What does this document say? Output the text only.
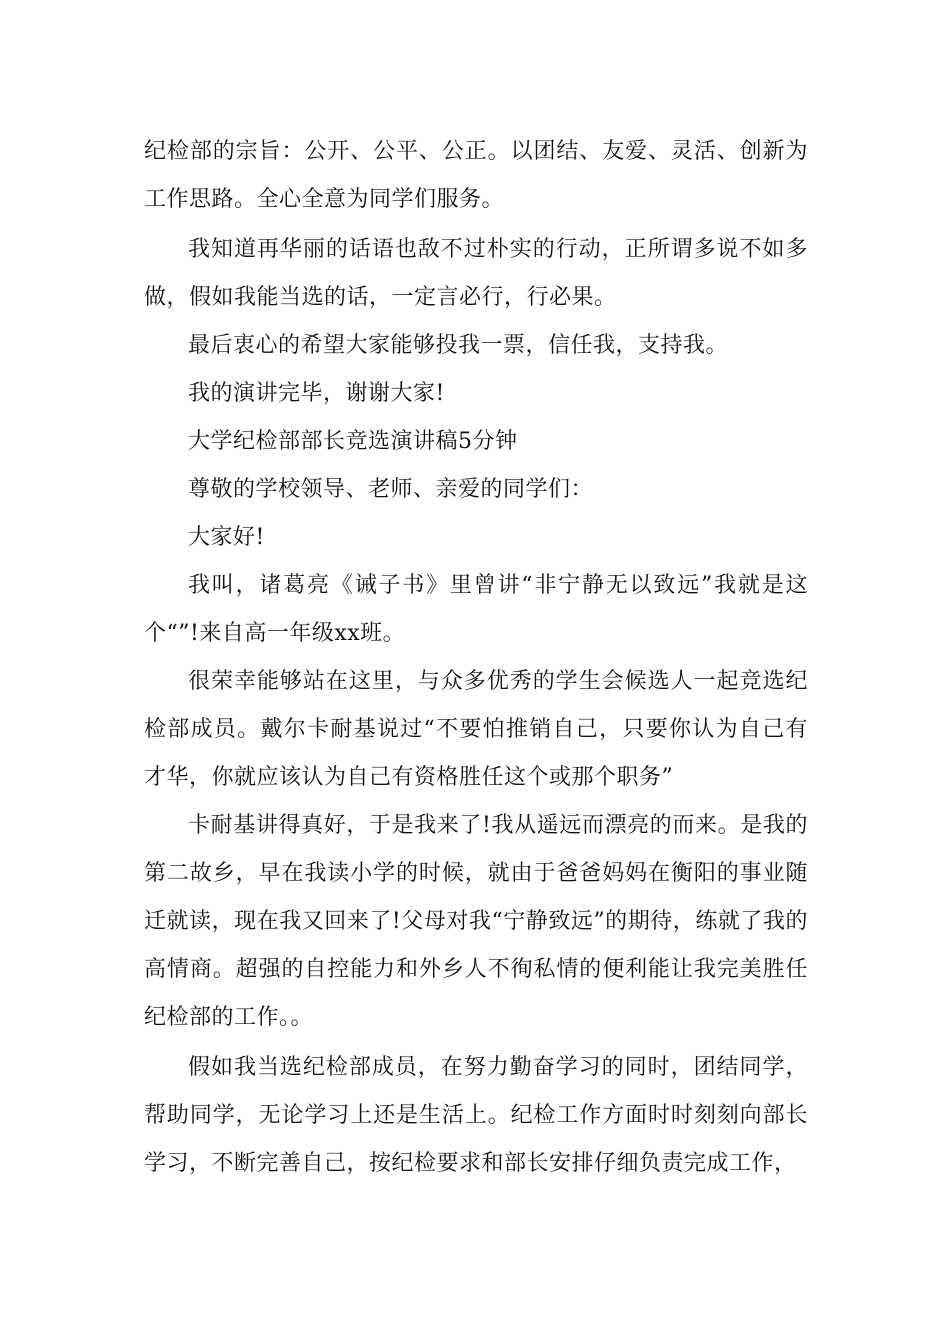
纪检部的宗旨：公开、公平、公正。以团结、友爱、灵活、创新为工作思路。全心全意为同学们服务。

我知道再华丽的话语也敌不过朴实的行动，正所谓多说不如多做，假如我能当选的话，一定言必行，行必果。

最后衷心的希望大家能够投我一票，信任我，支持我。

我的演讲完毕，谢谢大家!

大学纪检部部长竞选演讲稿5分钟

尊敬的学校领导、老师、亲爱的同学们：

大家好!

我叫，诸葛亮《诫子书》里曾讲“非宁静无以致远”我就是这个“”!来自高一年级xx班。

很荣幸能够站在这里，与众多优秀的学生会候选人一起竞选纪检部成员。戴尔卡耐基说过“不要怕推销自己，只要你认为自己有才华，你就应该认为自己有资格胜任这个或那个职务”

卡耐基讲得真好，于是我来了!我从遥远而漂亮的而来。是我的第二故乡，早在我读小学的时候，就由于爸爸妈妈在衡阳的事业随迁就读，现在我又回来了!父母对我“宁静致远”的期待，练就了我的高情商。超强的自控能力和外乡人不徇私情的便利能让我完美胜任纪检部的工作。。

假如我当选纪检部成员，在努力勤奋学习的同时，团结同学，帮助同学，无论学习上还是生活上。纪检工作方面时时刻刻向部长学习，不断完善自己，按纪检要求和部长安排仔细负责完成工作，
